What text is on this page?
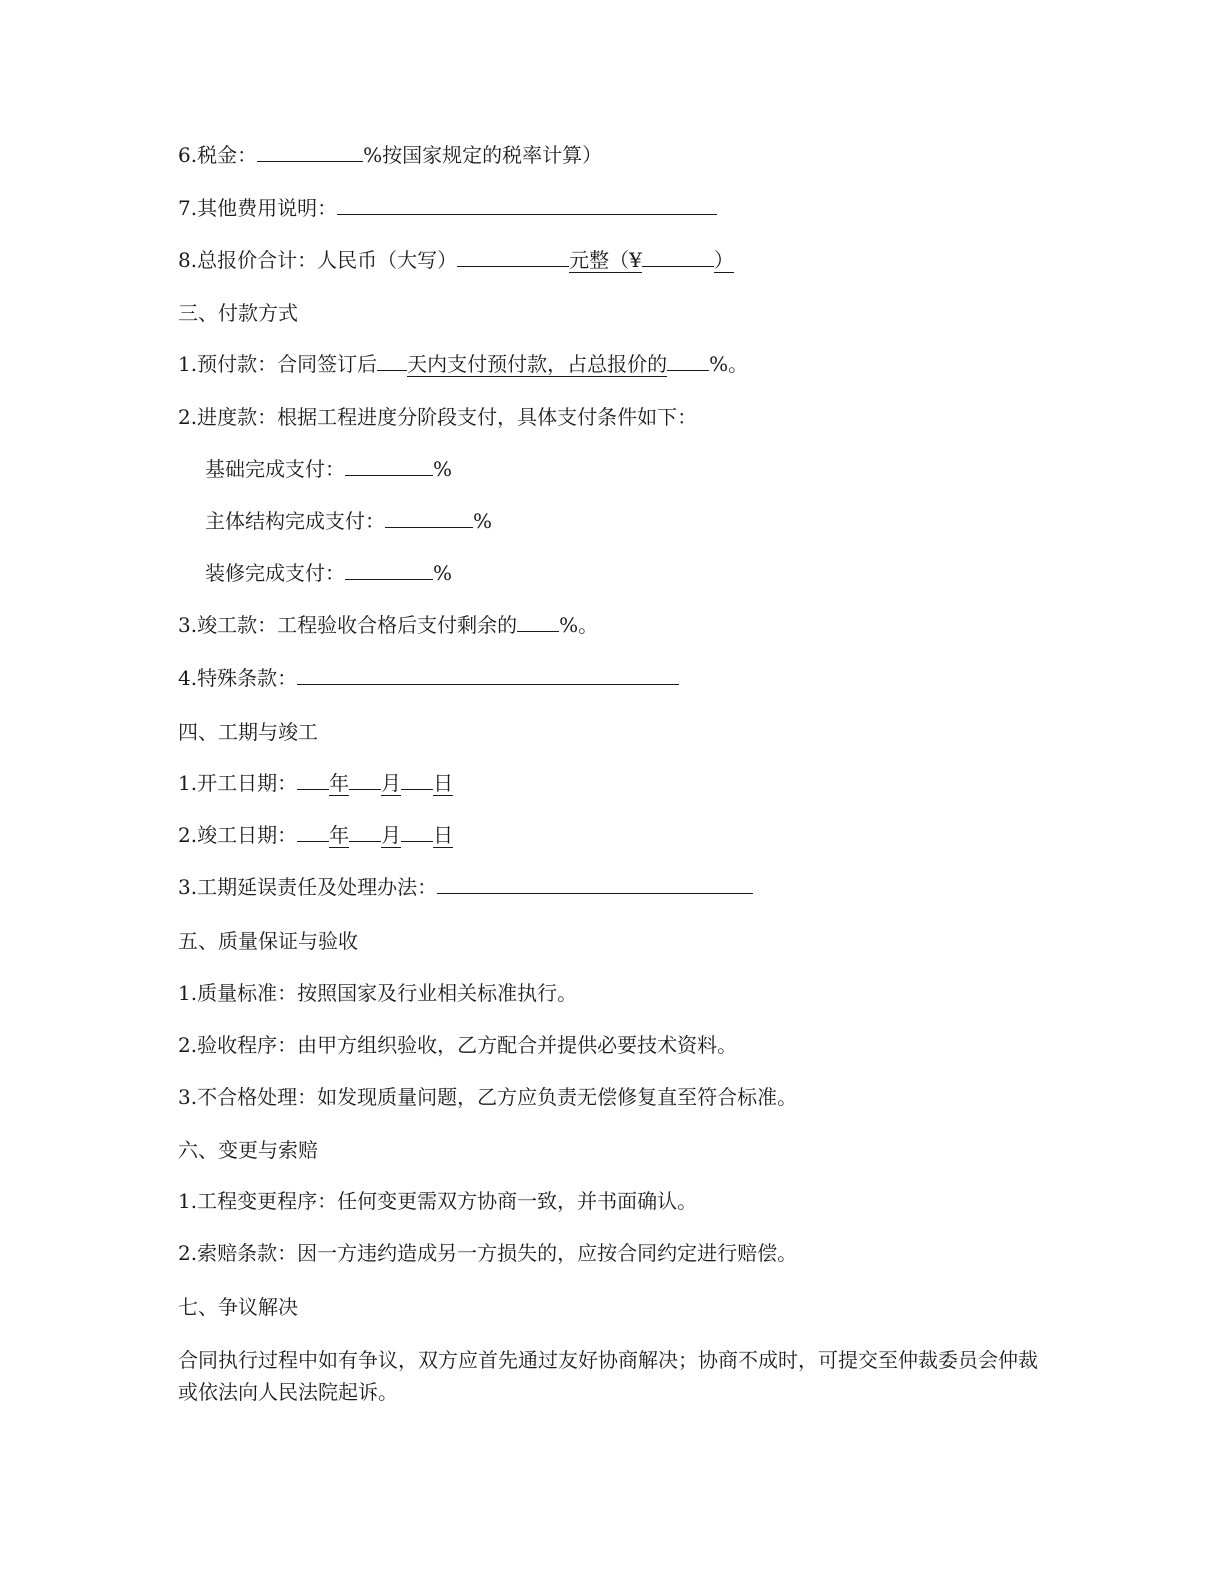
6.税金：	%按国家规定的税率计算）
7.其他费用说明：
8.总报价合计：人民币（大写）	元整（¥	）
三、付款方式
1.预付款：合同签订后 天内支付预付款，占总报价的 %。
2.进度款：根据工程进度分阶段支付，具体支付条件如下：
基础完成支付：	%
主体结构完成支付：	%
装修完成支付：	%
3.竣工款：工程验收合格后支付剩余的 %。
4.特殊条款：
四、工期与竣工
1.开工日期： 年 月 日
2.竣工日期： 年 月 日
3.工期延误责任及处理办法：
五、质量保证与验收
1.质量标准：按照国家及行业相关标准执行。
2.验收程序：由甲方组织验收，乙方配合并提供必要技术资料。
3.不合格处理：如发现质量问题，乙方应负责无偿修复直至符合标准。
六、变更与索赔
1.工程变更程序：任何变更需双方协商一致，并书面确认。
2.索赔条款：因一方违约造成另一方损失的，应按合同约定进行赔偿。
七、争议解决
合同执行过程中如有争议，双方应首先通过友好协商解决；协商不成时，可提交至仲裁委员会仲裁或依法向人民法院起诉。
